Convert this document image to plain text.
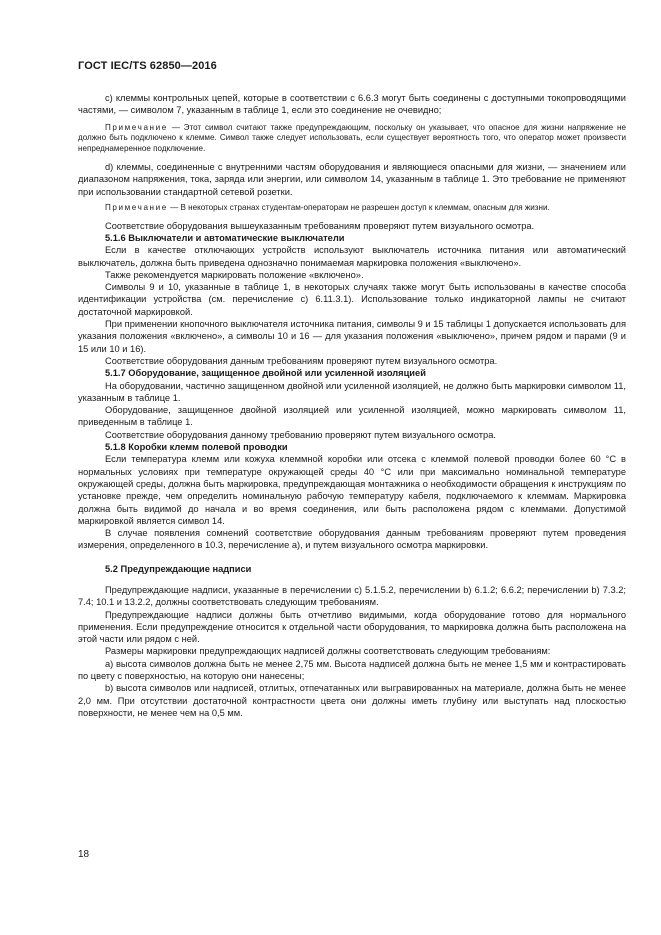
ГОСТ IEC/TS 62850—2016

с) клеммы контрольных цепей, которые в соответствии с 6.6.3 могут быть соединены с доступными токопроводящими частями, — символом 7, указанным в таблице 1, если это соединение не очевидно;

Примечание — Этот символ считают также предупреждающим, поскольку он указывает, что опасное для жизни напряжение не должно быть подключено к клемме. Символ также следует использовать, если существует вероятность того, что оператор может произвести непреднамеренное подключение.

d) клеммы, соединенные с внутренними частям оборудования и являющиеся опасными для жизни, — значением или диапазоном напряжения, тока, заряда или энергии, или символом 14, указанным в таблице 1. Это требование не применяют при использовании стандартной сетевой розетки.

Примечание — В некоторых странах студентам-операторам не разрешен доступ к клеммам, опасным для жизни.

Соответствие оборудования вышеуказанным требованиям проверяют путем визуального осмотра.

5.1.6 Выключатели и автоматические выключатели

Если в качестве отключающих устройств используют выключатель источника питания или автоматический выключатель, должна быть приведена однозначно понимаемая маркировка положения «выключено».

Также рекомендуется маркировать положение «включено».

Символы 9 и 10, указанные в таблице 1, в некоторых случаях также могут быть использованы в качестве способа идентификации устройства (см. перечисление с) 6.11.3.1). Использование только индикаторной лампы не считают достаточной маркировкой.

При применении кнопочного выключателя источника питания, символы 9 и 15 таблицы 1 допускается использовать для указания положения «включено», а символы 10 и 16 — для указания положения «выключено», причем рядом и парами (9 и 15 или 10 и 16).

Соответствие оборудования данным требованиям проверяют путем визуального осмотра.

5.1.7 Оборудование, защищенное двойной или усиленной изоляцией

На оборудовании, частично защищенном двойной или усиленной изоляцией, не должно быть маркировки символом 11, указанным в таблице 1.

Оборудование, защищенное двойной изоляцией или усиленной изоляцией, можно маркировать символом 11, приведенным в таблице 1.

Соответствие оборудования данному требованию проверяют путем визуального осмотра.

5.1.8 Коробки клемм полевой проводки

Если температура клемм или кожуха клеммной коробки или отсека с клеммой полевой проводки более 60 °С в нормальных условиях при температуре окружающей среды 40 °С или при максимально номинальной температуре окружающей среды, должна быть маркировка, предупреждающая монтажника о необходимости обращения к инструкциям по установке прежде, чем определить номинальную рабочую температуру кабеля, подключаемого к клеммам. Маркировка должна быть видимой до начала и во время соединения, или быть расположена рядом с клеммами. Допустимой маркировкой является символ 14.

В случае появления сомнений соответствие оборудования данным требованиям проверяют путем проведения измерения, определенного в 10.3, перечисление а), и путем визуального осмотра маркировки.

5.2 Предупреждающие надписи

Предупреждающие надписи, указанные в перечислении с) 5.1.5.2, перечислении b) 6.1.2; 6.6.2; перечислении b) 7.3.2; 7.4; 10.1 и 13.2.2, должны соответствовать следующим требованиям.

Предупреждающие надписи должны быть отчетливо видимыми, когда оборудование готово для нормального применения. Если предупреждение относится к отдельной части оборудования, то маркировка должна быть расположена на этой части или рядом с ней.

Размеры маркировки предупреждающих надписей должны соответствовать следующим требованиям:

а) высота символов должна быть не менее 2,75 мм. Высота надписей должна быть не менее 1,5 мм и контрастировать по цвету с поверхностью, на которую они нанесены;

b) высота символов или надписей, отлитых, отпечатанных или выгравированных на материале, должна быть не менее 2,0 мм. При отсутствии достаточной контрастности цвета они должны иметь глубину или выступать над плоскостью поверхности, не менее чем на 0,5 мм.

18
